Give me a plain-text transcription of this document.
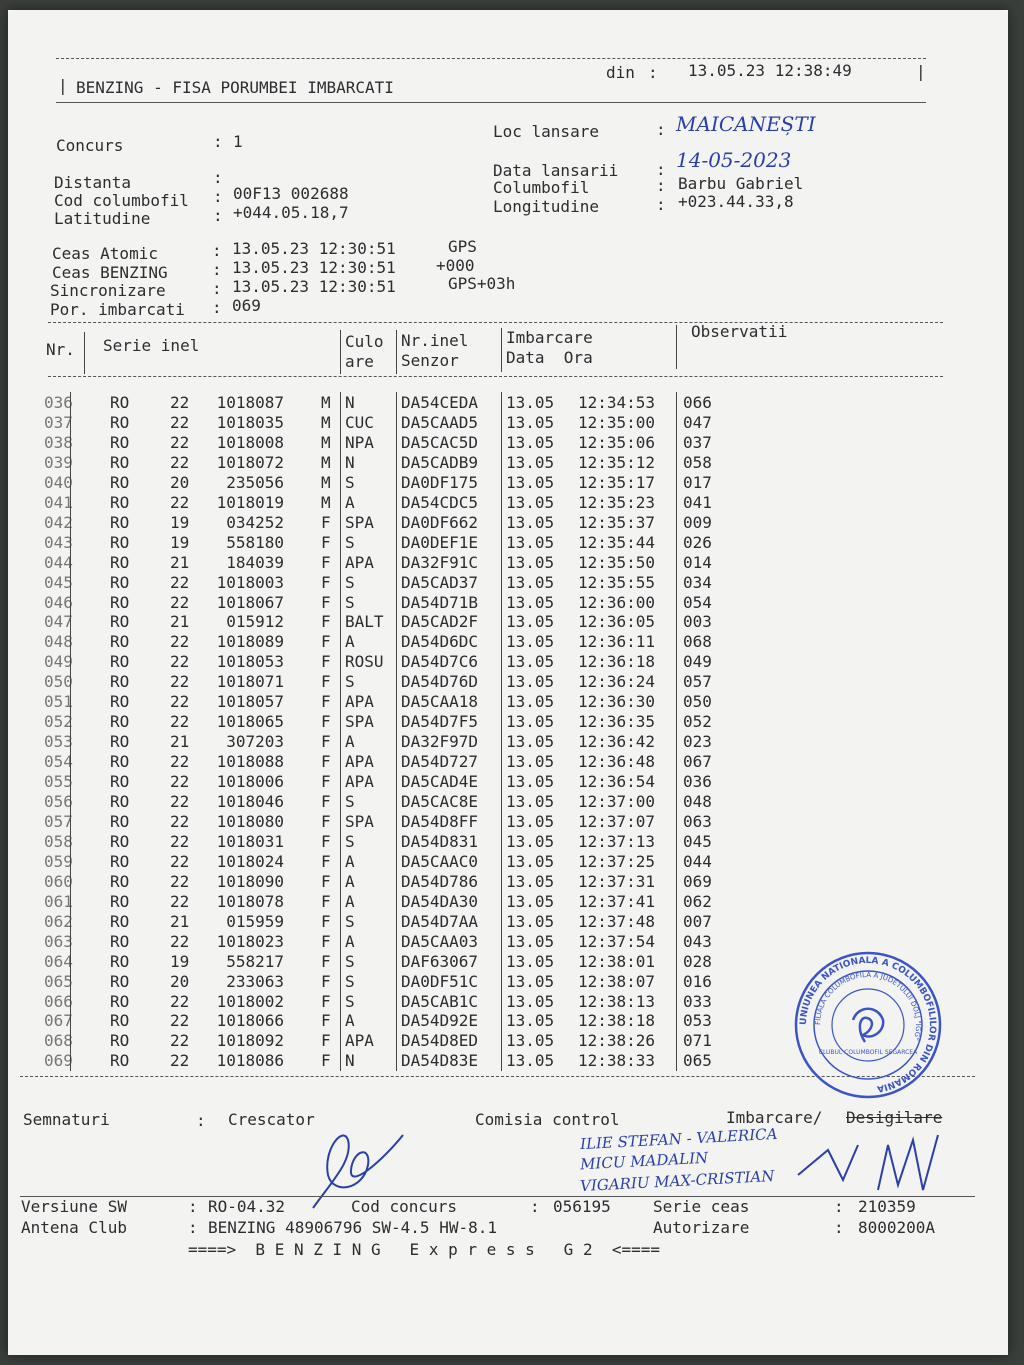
| BENZING - FISA PORUMBEI IMBARCATI
din : 13.05.23 12:38:49	|
Concurs	: 1
Loc lansare	: MAICANEȘTI
Data lansarii : 14-05-2023
Distanta	:
Cod columbofil : 00F13 002688	Columbofil	: Barbu Gabriel
Latitudine	: +044.05.18,7	Longitudine	: +023.44.33,8
Ceas Atomic	: 13.05.23 12:30:51	GPS
Ceas BENZING	: 13.05.23 12:30:51	+000
Sincronizare	: 13.05.23 12:30:51	GPS+03h
Por. imbarcati : 069
Nr. Serie inel	Culo
are
Nr.inel
Senzor
Imbarcare
Data  Ora
Observatii
036 RO	22	1018087 M N	DA54CEDA 13.05 12:34:53 066
037 RO	22	1018035 M CUC DA5CAAD5 13.05 12:35:00 047
038 RO	22	1018008 M NPA DA5CAC5D 13.05 12:35:06 037
039 RO	22	1018072 M N	DA5CADB9 13.05 12:35:12 058
040 RO	20	235056 M S	DA0DF175 13.05 12:35:17 017
041 RO	22	1018019 M A	DA54CDC5 13.05 12:35:23 041
042 RO	19	034252 F SPA DA0DF662 13.05 12:35:37 009
043 RO	19	558180 F S	DA0DEF1E 13.05 12:35:44 026
044 RO	21	184039 F APA DA32F91C 13.05 12:35:50 014
045 RO	22	1018003 F S	DA5CAD37 13.05 12:35:55 034
046 RO	22	1018067 F S	DA54D71B 13.05 12:36:00 054
047 RO	21	015912 F BALT DA5CAD2F 13.05 12:36:05 003
048 RO	22	1018089 F A	DA54D6DC 13.05 12:36:11 068
049 RO	22	1018053 F ROSU DA54D7C6 13.05 12:36:18 049
050 RO	22	1018071 F S	DA54D76D 13.05 12:36:24 057
051 RO	22	1018057 F APA DA5CAA18 13.05 12:36:30 050
052 RO	22	1018065 F SPA DA54D7F5 13.05 12:36:35 052
053 RO	21	307203 F A	DA32F97D 13.05 12:36:42 023
054 RO	22	1018088 F APA DA54D727 13.05 12:36:48 067
055 RO	22	1018006 F APA DA5CAD4E 13.05 12:36:54 036
056 RO	22	1018046 F S	DA5CAC8E 13.05 12:37:00 048
057 RO	22	1018080 F SPA DA54D8FF 13.05 12:37:07 063
058 RO	22	1018031 F S	DA54D831 13.05 12:37:13 045
059 RO	22	1018024 F A	DA5CAAC0 13.05 12:37:25 044
060 RO	22	1018090 F A	DA54D786 13.05 12:37:31 069
061 RO	22	1018078 F A	DA54DA30 13.05 12:37:41 062
062 RO	21	015959 F S	DA54D7AA 13.05 12:37:48 007
063 RO	22	1018023 F A	DA5CAA03 13.05 12:37:54 043
064 RO	19	558217 F S	DAF63067 13.05 12:38:01 028
065 RO	20	233063 F S	DA0DF51C 13.05 12:38:07 016
066 RO	22	1018002 F S	DA5CAB1C 13.05 12:38:13 033
067 RO	22	1018066 F A	DA54D92E 13.05 12:38:18 053
068 RO	22	1018092 F APA DA54D8ED 13.05 12:38:26 071
069 RO	22	1018086 F N	DA54D83E 13.05 12:38:33 065
Semnaturi	: Crescator	Comisia control	Imbarcare/ Desigilare
ILIE STEFAN - VALERICA
MICU MADALIN
VIGARIU MAX-CRISTIAN
Versiune SW	: RO-04.32	Cod concurs	: 056195	Serie ceas	: 210359
Antena Club	: BENZING 48906796 SW-4.5 HW-8.1	Autorizare	: 8000200A
====>  B E N Z I N G   E x p r e s s   G 2  <====
UNIUNEA NATIONALA A COLUMBOFILILOR DIN ROMANIA
FILIALA COLUMBOFILA A JUDETULUI DOLJ "IGG"
CLUBUL COLUMBOFIL SEGARCEA
